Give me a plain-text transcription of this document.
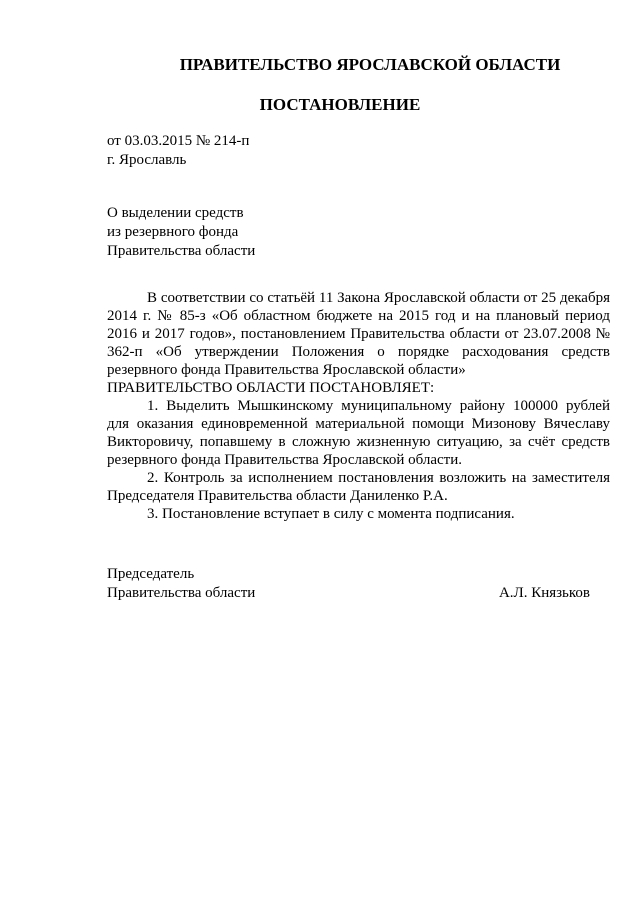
ПРАВИТЕЛЬСТВО ЯРОСЛАВСКОЙ ОБЛАСТИ
ПОСТАНОВЛЕНИЕ
от 03.03.2015 № 214-п
г. Ярославль
О выделении средств
из резервного фонда
Правительства области

В соответствии со статьёй 11 Закона Ярославской области от 25 декабря 2014 г. № 85-з «Об областном бюджете на 2015 год и на плановый период 2016 и 2017 годов», постановлением Правительства области от 23.07.2008 № 362-п «Об утверждении Положения о порядке расходования средств резервного фонда Правительства Ярославской области»

ПРАВИТЕЛЬСТВО ОБЛАСТИ ПОСТАНОВЛЯЕТ:

1. Выделить Мышкинскому муниципальному району 100000 рублей для оказания единовременной материальной помощи Мизонову Вячеславу Викторовичу, попавшему в сложную жизненную ситуацию, за счёт средств резервного фонда Правительства Ярославской области.

2. Контроль за исполнением постановления возложить на заместителя Председателя Правительства области Даниленко Р.А.

3. Постановление вступает в силу с момента подписания.

Председатель
Правительства области	А.Л. Князьков
